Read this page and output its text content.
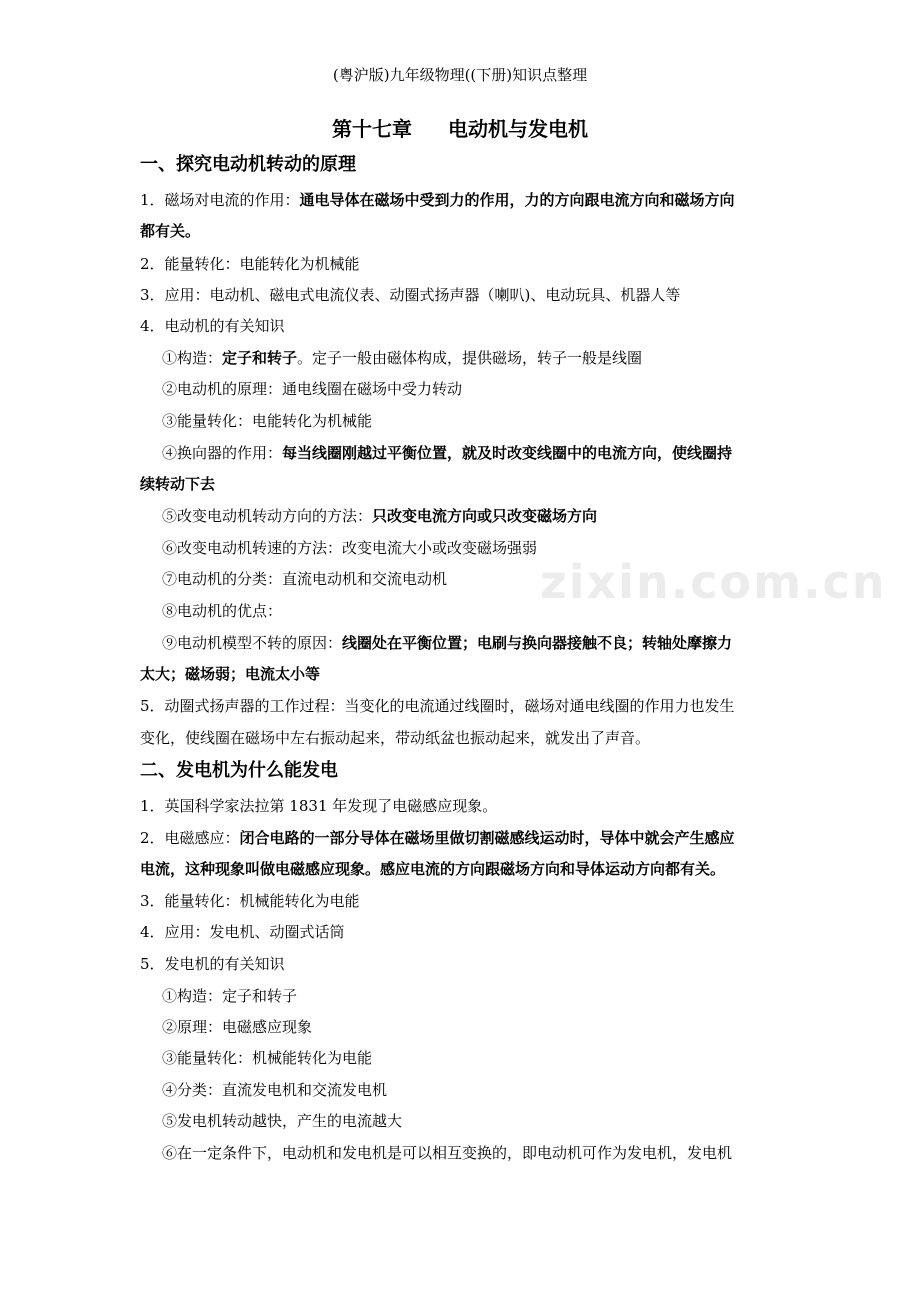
zixin.com.cn
(粤沪版)九年级物理((下册)知识点整理
第十七章 电动机与发电机
一、探究电动机转动的原理
1．磁场对电流的作用：通电导体在磁场中受到力的作用，力的方向跟电流方向和磁场方向
都有关。
2．能量转化：电能转化为机械能
3．应用：电动机、磁电式电流仪表、动圈式扬声器（喇叭)、电动玩具、机器人等
4．电动机的有关知识
①构造：定子和转子。定子一般由磁体构成，提供磁场，转子一般是线圈
②电动机的原理：通电线圈在磁场中受力转动
③能量转化：电能转化为机械能
④换向器的作用：每当线圈刚越过平衡位置，就及时改变线圈中的电流方向，使线圈持
续转动下去
⑤改变电动机转动方向的方法：只改变电流方向或只改变磁场方向
⑥改变电动机转速的方法：改变电流大小或改变磁场强弱
⑦电动机的分类：直流电动机和交流电动机
⑧电动机的优点：
⑨电动机模型不转的原因：线圈处在平衡位置；电刷与换向器接触不良；转轴处摩擦力
太大；磁场弱；电流太小等
5．动圈式扬声器的工作过程：当变化的电流通过线圈时，磁场对通电线圈的作用力也发生
变化，使线圈在磁场中左右振动起来，带动纸盆也振动起来，就发出了声音。
二、发电机为什么能发电
1．英国科学家法拉第 1831 年发现了电磁感应现象。
2．电磁感应：闭合电路的一部分导体在磁场里做切割磁感线运动时，导体中就会产生感应
电流，这种现象叫做电磁感应现象。感应电流的方向跟磁场方向和导体运动方向都有关。
3．能量转化：机械能转化为电能
4．应用：发电机、动圈式话筒
5．发电机的有关知识
①构造：定子和转子
②原理：电磁感应现象
③能量转化：机械能转化为电能
④分类：直流发电机和交流发电机
⑤发电机转动越快，产生的电流越大
⑥在一定条件下，电动机和发电机是可以相互变换的，即电动机可作为发电机，发电机
